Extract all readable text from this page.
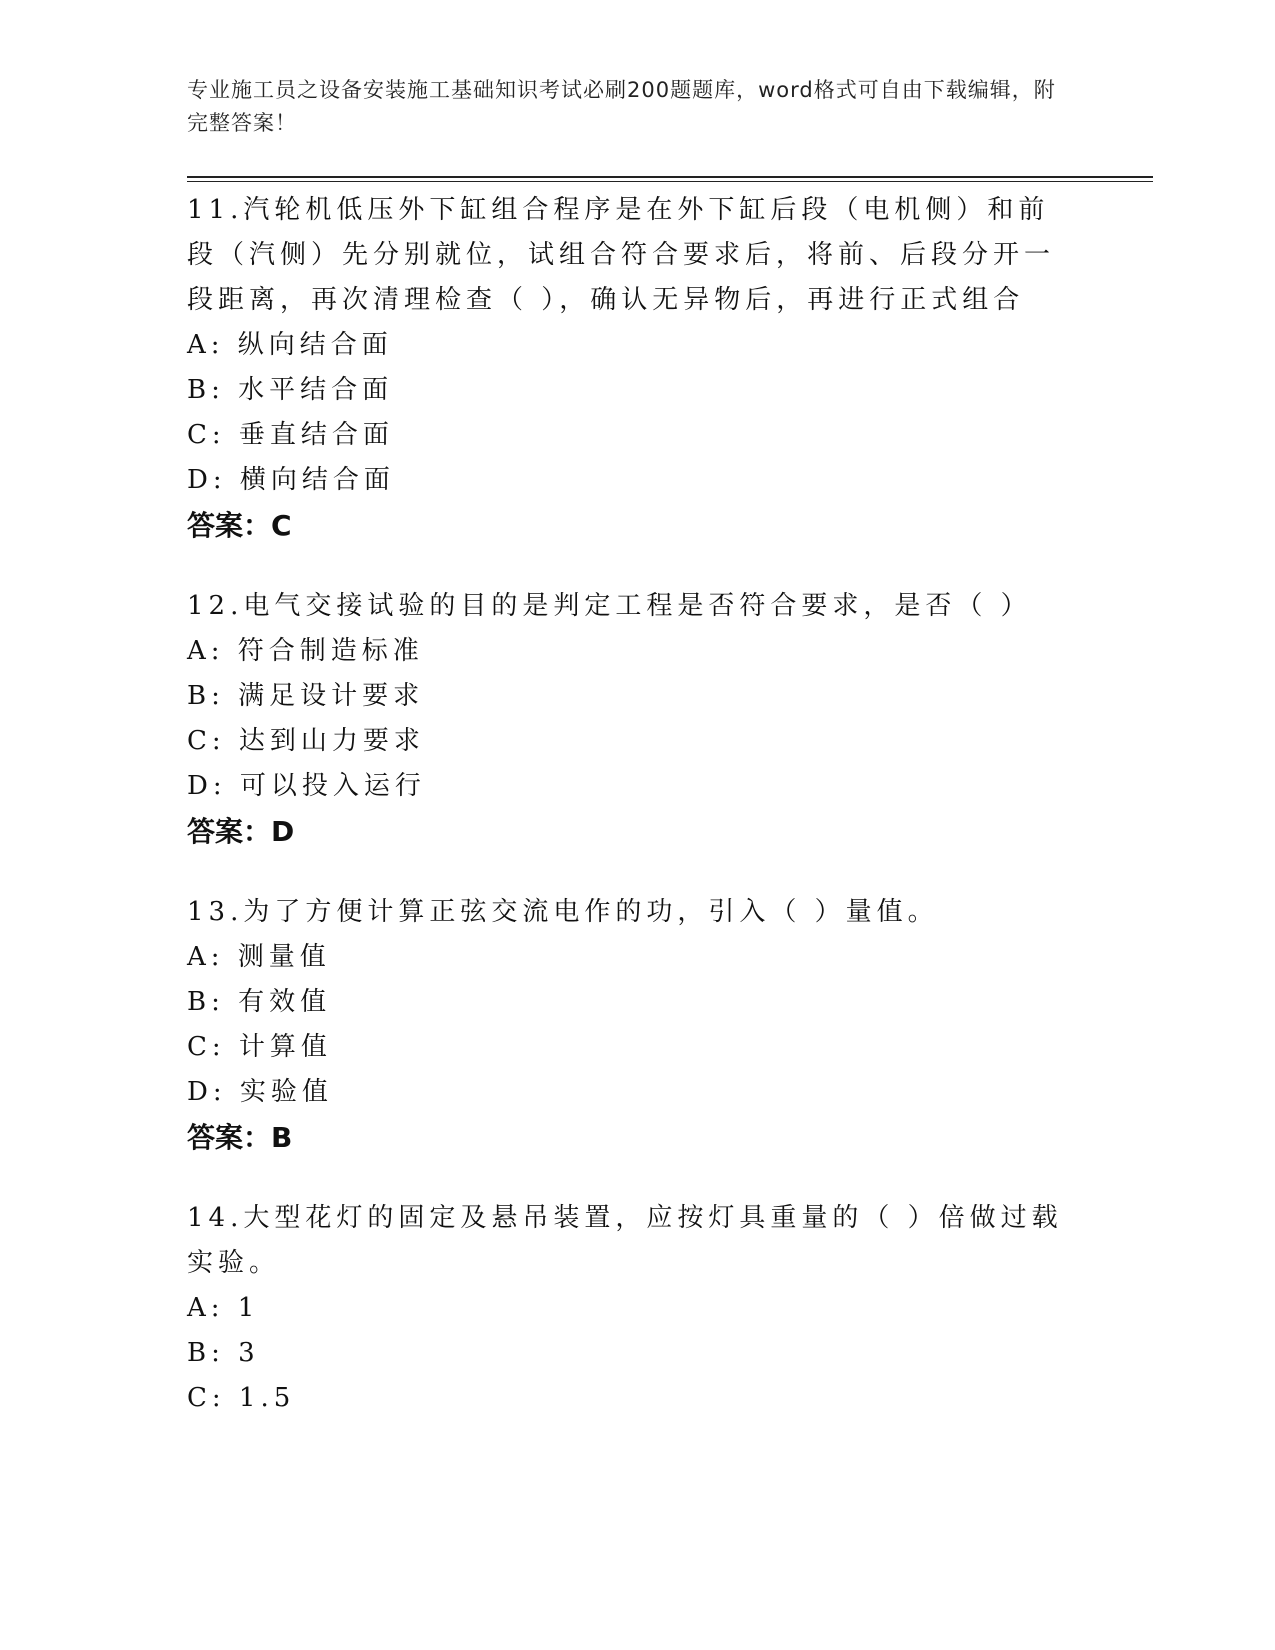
专业施工员之设备安装施工基础知识考试必刷200题题库，word格式可自由下载编辑，附完整答案！
11.汽轮机低压外下缸组合程序是在外下缸后段（电机侧）和前段（汽侧）先分别就位，试组合符合要求后，将前、后段分开一段距离，再次清理检查（ ），确认无异物后，再进行正式组合
A: 纵向结合面
B: 水平结合面
C: 垂直结合面
D: 横向结合面
答案：C
12.电气交接试验的目的是判定工程是否符合要求，是否（ ）
A: 符合制造标准
B: 满足设计要求
C: 达到山力要求
D: 可以投入运行
答案：D
13.为了方便计算正弦交流电作的功，引入（ ）量值。
A: 测量值
B: 有效值
C: 计算值
D: 实验值
答案：B
14.大型花灯的固定及悬吊装置，应按灯具重量的（ ）倍做过载实验。
A: 1
B: 3
C: 1.5
